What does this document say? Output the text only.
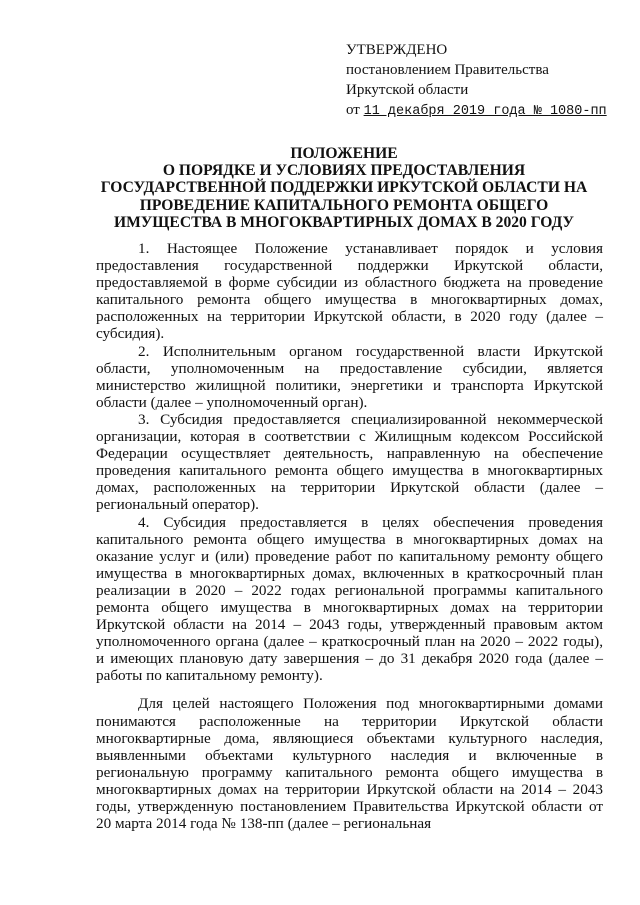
УТВЕРЖДЕНО
постановлением Правительства
Иркутской области
от 11 декабря 2019 года № 1080-пп
ПОЛОЖЕНИЕ
О ПОРЯДКЕ И УСЛОВИЯХ ПРЕДОСТАВЛЕНИЯ
ГОСУДАРСТВЕННОЙ ПОДДЕРЖКИ ИРКУТСКОЙ ОБЛАСТИ НА
ПРОВЕДЕНИЕ КАПИТАЛЬНОГО РЕМОНТА ОБЩЕГО
ИМУЩЕСТВА В МНОГОКВАРТИРНЫХ ДОМАХ В 2020 ГОДУ

1. Настоящее Положение устанавливает порядок и условия предоставления государственной поддержки Иркутской области, предоставляемой в форме субсидии из областного бюджета на проведение капитального ремонта общего имущества в многоквартирных домах, расположенных на территории Иркутской области, в 2020 году (далее – субсидия).

2. Исполнительным органом государственной власти Иркутской области, уполномоченным на предоставление субсидии, является министерство жилищной политики, энергетики и транспорта Иркутской области (далее – уполномоченный орган).

3. Субсидия предоставляется специализированной некоммерческой организации, которая в соответствии с Жилищным кодексом Российской Федерации осуществляет деятельность, направленную на обеспечение проведения капитального ремонта общего имущества в многоквартирных домах, расположенных на территории Иркутской области (далее – региональный оператор).

4. Субсидия предоставляется в целях обеспечения проведения капитального ремонта общего имущества в многоквартирных домах на оказание услуг и (или) проведение работ по капитальному ремонту общего имущества в многоквартирных домах, включенных в краткосрочный план реализации в 2020 – 2022 годах региональной программы капитального ремонта общего имущества в многоквартирных домах на территории Иркутской области на 2014 – 2043 годы, утвержденный правовым актом уполномоченного органа (далее – краткосрочный план на 2020 – 2022 годы), и имеющих плановую дату завершения – до 31 декабря 2020 года (далее – работы по капитальному ремонту).

Для целей настоящего Положения под многоквартирными домами понимаются расположенные на территории Иркутской области многоквартирные дома, являющиеся объектами культурного наследия, выявленными объектами культурного наследия и включенные в региональную программу капитального ремонта общего имущества в многоквартирных домах на территории Иркутской области на 2014 – 2043 годы, утвержденную постановлением Правительства Иркутской области от 20 марта 2014 года № 138-пп (далее – региональная
